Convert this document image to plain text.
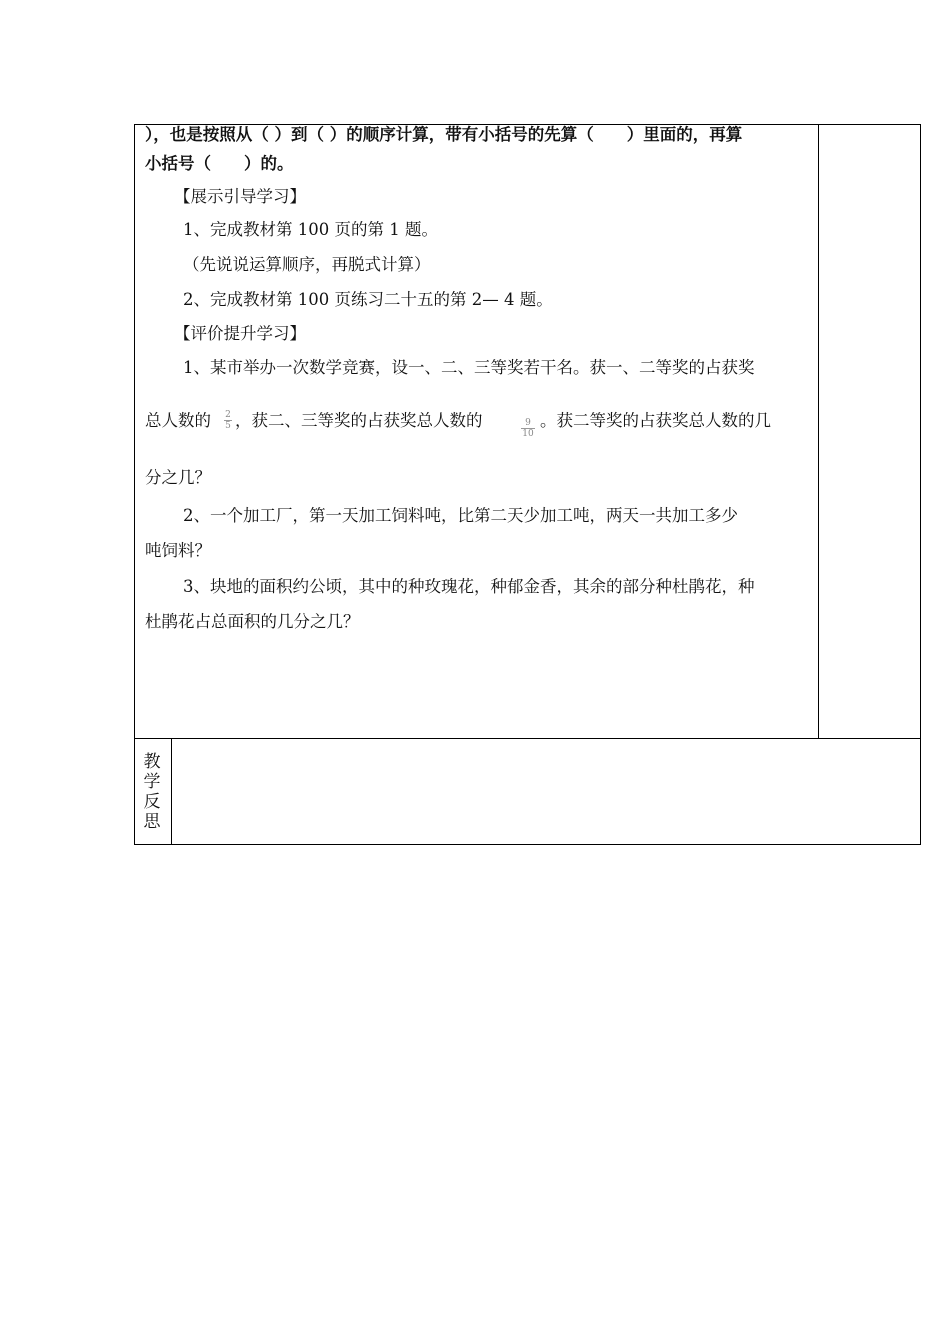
），也是按照从（ ）到（ ）的顺序计算，带有小括号的先算（　　）里面的，再算
小括号（　　）的。
【展示引导学习】
1、完成教材第 100 页的第 1 题。
（先说说运算顺序，再脱式计算）
2、完成教材第 100 页练习二十五的第 2— 4 题。
【评价提升学习】
1、某市举办一次数学竞赛，设一、二、三等奖若干名。获一、二等奖的占获奖
总人数的 2
5 ，获二、三等奖的占获奖总人数的	9
10
。获二等奖的占获奖总人数的几
分之几？
2、一个加工厂，第一天加工饲料吨，比第二天少加工吨，两天一共加工多少
吨饲料？
3、块地的面积约公顷，其中的种玫瑰花，种郁金香，其余的部分种杜鹃花，种
杜鹃花占总面积的几分之几？
教
学
反
思
